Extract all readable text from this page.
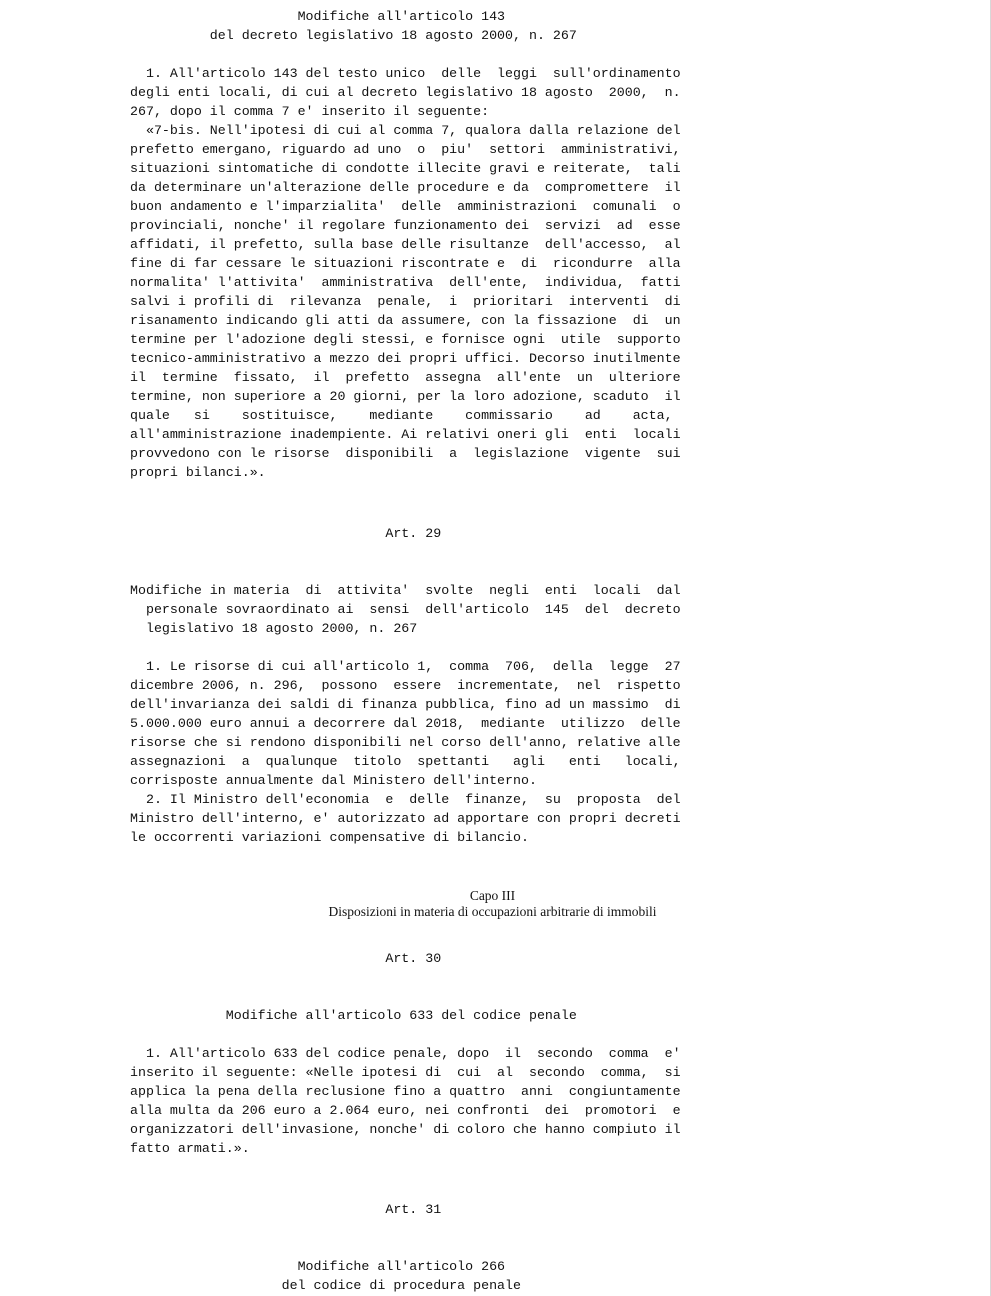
Modifiche all'articolo 143
del decreto legislativo 18 agosto 2000, n. 267
1. All'articolo 143 del testo unico  delle  leggi  sull'ordinamento
degli enti locali, di cui al decreto legislativo 18 agosto  2000,  n.
267, dopo il comma 7 e' inserito il seguente:
«7-bis. Nell'ipotesi di cui al comma 7, qualora dalla relazione del
prefetto emergano, riguardo ad uno  o  piu'  settori  amministrativi,
situazioni sintomatiche di condotte illecite gravi e reiterate,  tali
da determinare un'alterazione delle procedure e da  compromettere  il
buon andamento e l'imparzialita'  delle  amministrazioni  comunali  o
provinciali, nonche' il regolare funzionamento dei  servizi  ad  esse
affidati, il prefetto, sulla base delle risultanze  dell'accesso,  al
fine di far cessare le situazioni riscontrate e  di  ricondurre  alla
normalita' l'attivita'  amministrativa  dell'ente,  individua,  fatti
salvi i profili di  rilevanza  penale,  i  prioritari  interventi  di
risanamento indicando gli atti da assumere, con la fissazione  di  un
termine per l'adozione degli stessi, e fornisce ogni  utile  supporto
tecnico-amministrativo a mezzo dei propri uffici. Decorso inutilmente
il  termine  fissato,  il  prefetto  assegna  all'ente  un  ulteriore
termine, non superiore a 20 giorni, per la loro adozione, scaduto  il
quale   si    sostituisce,    mediante    commissario    ad    acta,
all'amministrazione inadempiente. Ai relativi oneri gli  enti  locali
provvedono con le risorse  disponibili  a  legislazione  vigente  sui
propri bilanci.».
Art. 29
Modifiche in materia  di  attivita'  svolte  negli  enti  locali  dal
personale sovraordinato ai  sensi  dell'articolo  145  del  decreto
legislativo 18 agosto 2000, n. 267
1. Le risorse di cui all'articolo 1,  comma  706,  della  legge  27
dicembre 2006, n. 296,  possono  essere  incrementate,  nel  rispetto
dell'invarianza dei saldi di finanza pubblica, fino ad un massimo  di
5.000.000 euro annui a decorrere dal 2018,  mediante  utilizzo  delle
risorse che si rendono disponibili nel corso dell'anno, relative alle
assegnazioni  a  qualunque  titolo  spettanti   agli   enti   locali,
corrisposte annualmente dal Ministero dell'interno.
2. Il Ministro dell'economia  e  delle  finanze,  su  proposta  del
Ministro dell'interno, e' autorizzato ad apportare con propri decreti
le occorrenti variazioni compensative di bilancio.
Capo III
Disposizioni in materia di occupazioni arbitrarie di immobili
Art. 30
Modifiche all'articolo 633 del codice penale
1. All'articolo 633 del codice penale, dopo  il  secondo  comma  e'
inserito il seguente: «Nelle ipotesi di  cui  al  secondo  comma,  si
applica la pena della reclusione fino a quattro  anni  congiuntamente
alla multa da 206 euro a 2.064 euro, nei confronti  dei  promotori  e
organizzatori dell'invasione, nonche' di coloro che hanno compiuto il
fatto armati.».
Art. 31
Modifiche all'articolo 266
del codice di procedura penale
